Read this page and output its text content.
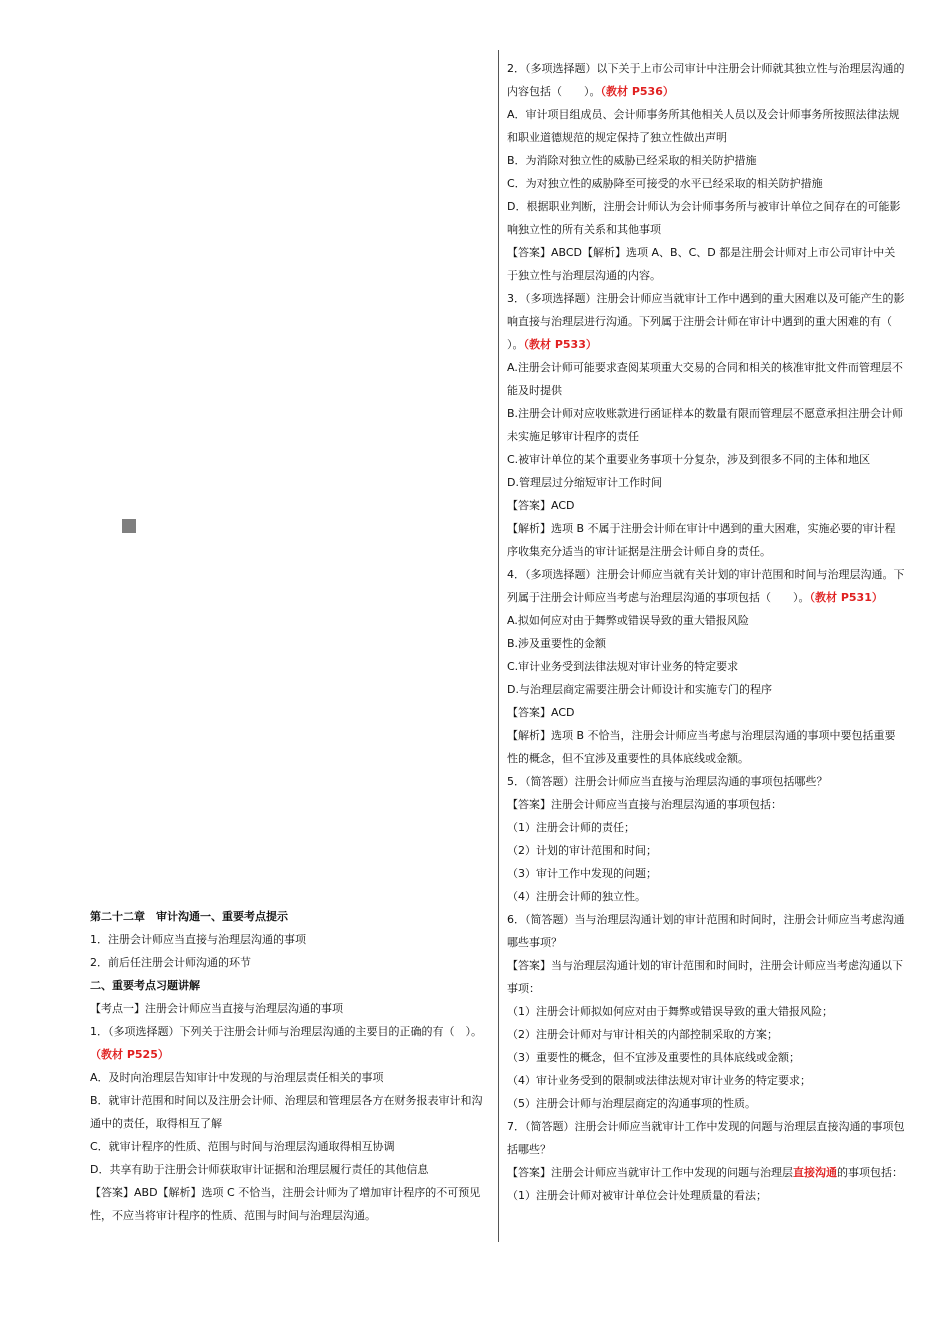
第二十二章　审计沟通一、重要考点提示

1．注册会计师应当直接与治理层沟通的事项

2．前后任注册会计师沟通的环节

二、重要考点习题讲解

【考点一】注册会计师应当直接与治理层沟通的事项

1．（多项选择题）下列关于注册会计师与治理层沟通的主要目的正确的有（　）。（教材 P525）

A．及时向治理层告知审计中发现的与治理层责任相关的事项

B．就审计范围和时间以及注册会计师、治理层和管理层各方在财务报表审计和沟通中的责任，取得相互了解

C．就审计程序的性质、范围与时间与治理层沟通取得相互协调

D．共享有助于注册会计师获取审计证据和治理层履行责任的其他信息

【答案】ABD【解析】选项 C 不恰当，注册会计师为了增加审计程序的不可预见性，不应当将审计程序的性质、范围与时间与治理层沟通。

2．（多项选择题）以下关于上市公司审计中注册会计师就其独立性与治理层沟通的内容包括（　　）。（教材 P536）

A．审计项目组成员、会计师事务所其他相关人员以及会计师事务所按照法律法规和职业道德规范的规定保持了独立性做出声明

B．为消除对独立性的威胁已经采取的相关防护措施

C．为对独立性的威胁降至可接受的水平已经采取的相关防护措施

D．根据职业判断，注册会计师认为会计师事务所与被审计单位之间存在的可能影响独立性的所有关系和其他事项

【答案】ABCD【解析】选项 A、B、C、D 都是注册会计师对上市公司审计中关于独立性与治理层沟通的内容。

3．（多项选择题）注册会计师应当就审计工作中遇到的重大困难以及可能产生的影响直接与治理层进行沟通。下列属于注册会计师在审计中遇到的重大困难的有（　　）。（教材 P533）

A.注册会计师可能要求查阅某项重大交易的合同和相关的核准审批文件而管理层不能及时提供

B.注册会计师对应收账款进行函证样本的数量有限而管理层不愿意承担注册会计师未实施足够审计程序的责任

C.被审计单位的某个重要业务事项十分复杂，涉及到很多不同的主体和地区

D.管理层过分缩短审计工作时间

【答案】ACD

【解析】选项 B 不属于注册会计师在审计中遇到的重大困难，实施必要的审计程序收集充分适当的审计证据是注册会计师自身的责任。

4．（多项选择题）注册会计师应当就有关计划的审计范围和时间与治理层沟通。下列属于注册会计师应当考虑与治理层沟通的事项包括（　　）。（教材 P531）

A.拟如何应对由于舞弊或错误导致的重大错报风险

B.涉及重要性的金额

C.审计业务受到法律法规对审计业务的特定要求

D.与治理层商定需要注册会计师设计和实施专门的程序

【答案】ACD

【解析】选项 B 不恰当，注册会计师应当考虑与治理层沟通的事项中要包括重要性的概念，但不宜涉及重要性的具体底线或金额。

5．（简答题）注册会计师应当直接与治理层沟通的事项包括哪些？

【答案】注册会计师应当直接与治理层沟通的事项包括：

（1）注册会计师的责任；

（2）计划的审计范围和时间；

（3）审计工作中发现的问题；

（4）注册会计师的独立性。

6．（简答题）当与治理层沟通计划的审计范围和时间时，注册会计师应当考虑沟通哪些事项？

【答案】当与治理层沟通计划的审计范围和时间时，注册会计师应当考虑沟通以下事项：

（1）注册会计师拟如何应对由于舞弊或错误导致的重大错报风险；

（2）注册会计师对与审计相关的内部控制采取的方案；

（3）重要性的概念，但不宜涉及重要性的具体底线或金额；

（4）审计业务受到的限制或法律法规对审计业务的特定要求；

（5）注册会计师与治理层商定的沟通事项的性质。

7．（简答题）注册会计师应当就审计工作中发现的问题与治理层直接沟通的事项包括哪些？

【答案】注册会计师应当就审计工作中发现的问题与治理层直接沟通的事项包括：

（1）注册会计师对被审计单位会计处理质量的看法；
